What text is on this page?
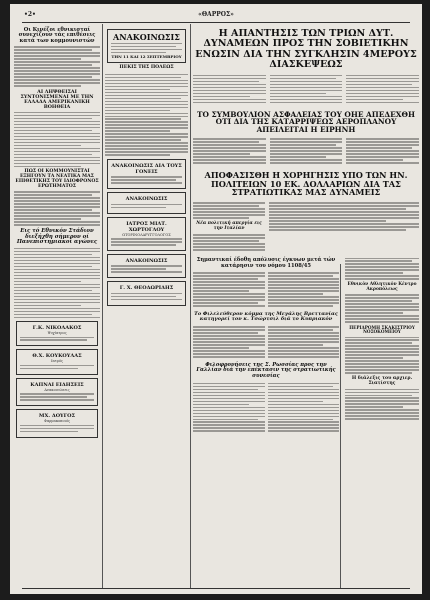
•2•	«ΘΑΡΡΟΣ»
Οι Κινέζοι εθνικισταί συνεχίζουν τάς επιθέσεις κατά των κομμουνιστών
ΑΙ ΛΗΨΘΕΙΣΑΙ ΣΥΝΤΟΝΙΣΜΕΝΑΙ ΜΕ ΤΗΝ ΕΛΛΑΔΑ ΑΜΕΡΙΚΑΝΙΚΗ ΒΟΗΘΕΙΑ
ΠΩΣ ΟΙ ΚΟΜΜΟΥΝΙΣΤΑΙ ΕΞΗΓΟΥΝ ΤΑ ΝΕΑΤΙΚΑ ΜΑΣ ΕΠΙΘΕΤΙΚΗΣ ΤΟΥ ΙΔΙΟΦΡΟΝΟΣ ΕΡΩΤΗΜΑΤΟΣ
Εις τό Εθνικόν Στάδιον διεξήχθη σήμερον οί Πανεπιστημιακοί αγώνες
Γ.Κ. ΝΙΚΟΛΑΚΟΣ
Ψυχίατρος
Θ.Χ. ΚΟΥΚΟΥΛΑΣ
Ιατρός
ΚΑΠΝΑΙ ΕΙΔΗΣΕΙΣ
Ανακοινώσεις
ΜΧ. ΔΟΥΓΟΣ
Φαρμακοποιός
ΑΝΑΚΟΙΝΩΣΙΣ
ΤΗΝ 11 ΚΑΙ 12 ΣΕΠΤΕΜΒΡΙΟΥ
ΠΕΚΙΣ ΤΗΣ ΠΟΛΕΩΣ
ΑΝΑΚΟΙΝΩΣΙΣ ΔΙΑ ΤΟΥΣ ΓΟΝΕΙΣ
ΑΝΑΚΟΙΝΩΣΙΣ
ΙΑΤΡΟΣ ΜΙΛΤ. ΧΩΡΤΟΓΛΟΥ
ΩΤΟΡΙΝΟΛΑΡΥΓΓΟΛΟΓΟΣ
ΑΝΑΚΟΙΝΩΣΙΣ
Γ. Χ. ΘΕΟΔΩΡΙΔΗΣ
Η ΑΠΑΝΤΗΣΙΣ ΤΩΝ ΤΡΙΩΝ ΔΥΤ. ΔΥΝΑΜΕΩΝ ΠΡΟΣ ΤΗΝ ΣΟΒΙΕΤΙΚΗΝ ΕΝΩΣΙΝ ΔΙΑ ΤΗΝ ΣΥΓΚΛΗΣΙΝ 4ΜΕΡΟΥΣ ΔΙΑΣΚΕΨΕΩΣ
ΤΟ ΣΥΜΒΟΥΛΙΟΝ ΑΣΦΑΛΕΙΑΣ ΤΟΥ ΟΗΕ ΑΠΕΔΕΧΘΗ ΟΤΙ ΔΙΑ ΤΗΣ ΚΑΤΑΡΡΙΨΕΩΣ ΑΕΡΟΠΛΑΝΟΥ ΑΠΕΙΛΕΙΤΑΙ Η ΕΙΡΗΝΗ
ΑΠΟΦΑΣΙΣΘΗ Η ΧΟΡΗΓΗΣΙΣ ΥΠΟ ΤΩΝ ΗΝ. ΠΟΛΙΤΕΙΩΝ 10 ΕΚ. ΔΟΛΛΑΡΙΩΝ ΔΙΑ ΤΑΣ ΣΤΡΑΤΙΩΤΙΚΑΣ ΜΑΣ ΔΥΝΑΜΕΙΣ
Νέα πολιτική απεργία εις την Ιταλίαν
Σημαντικαί έδοθη απόλυσις έγκυων μετά τών κατάρησιν του νόμου 1108/45
Το Φιλελεύθερον κόμμα της Μεγάλης Βρεττανίας κατηγορεί τον κ. Τσώρτσιλ διά το Κυπριακόν
Φιλοφρονήσεις της Σ. Ρωσσίας προς την Γαλλίαν διά την επέκτασιν της στρατιωτικής συνεσίας
Εθνικόν Αθλητικόν Κέντρο Ακροπόλεως
ΠΕΡΙΔΡΟΜΗ ΣΚΑΚΙΣΤΡΙΟΥ ΝΟΣΟΚΟΜΕΙΟΥ
Η διάλεξις του αρχιερ. Σιατίστης
